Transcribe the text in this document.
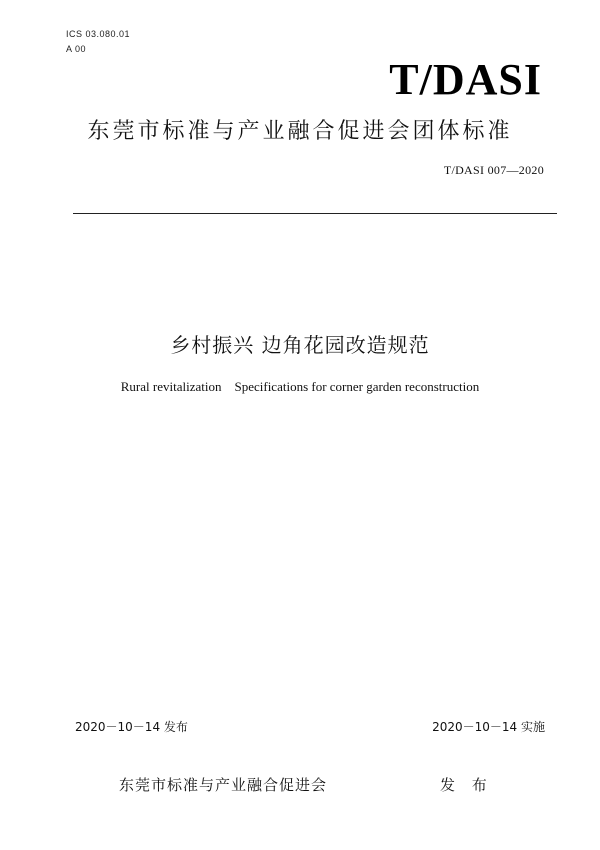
ICS 03.080.01
A 00
T/DASI
东莞市标准与产业融合促进会团体标准
T/DASI 007—2020
乡村振兴 边角花园改造规范
Rural revitalization    Specifications for corner garden reconstruction
2020－10－14 发布	2020－10－14 实施
东莞市标准与产业融合促进会	发 布
